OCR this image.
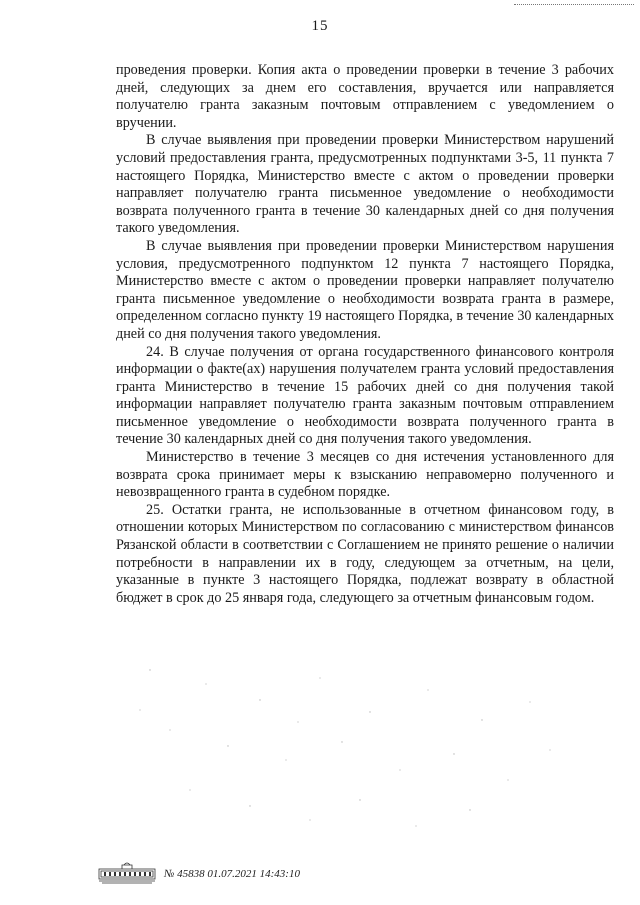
15

проведения проверки. Копия акта о проведении проверки в течение 3 рабочих дней, следующих за днем его составления, вручается или направляется получателю гранта заказным почтовым отправлением с уведомлением о вручении.

В случае выявления при проведении проверки Министерством нарушений условий предоставления гранта, предусмотренных подпунктами 3-5, 11 пункта 7 настоящего Порядка, Министерство вместе с актом о проведении проверки направляет получателю гранта письменное уведомление о необходимости возврата полученного гранта в течение 30 календарных дней со дня получения такого уведомления.

В случае выявления при проведении проверки Министерством нарушения условия, предусмотренного подпунктом 12 пункта 7 настоящего Порядка, Министерство вместе с актом о проведении проверки направляет получателю гранта письменное уведомление о необходимости возврата гранта в размере, определенном согласно пункту 19 настоящего Порядка, в течение 30 календарных дней со дня получения такого уведомления.

24. В случае получения от органа государственного финансового контроля информации о факте(ах) нарушения получателем гранта условий предоставления гранта Министерство в течение 15 рабочих дней со дня получения такой информации направляет получателю гранта заказным почтовым отправлением письменное уведомление о необходимости возврата полученного гранта в течение 30 календарных дней со дня получения такого уведомления.

Министерство в течение 3 месяцев со дня истечения установленного для возврата срока принимает меры к взысканию неправомерно полученного и невозвращенного гранта в судебном порядке.

25. Остатки гранта, не использованные в отчетном финансовом году, в отношении которых Министерством по согласованию с министерством финансов Рязанской области в соответствии с Соглашением не принято решение о наличии потребности в направлении их в году, следующем за отчетным, на цели, указанные в пункте 3 настоящего Порядка, подлежат возврату в областной бюджет в срок до 25 января года, следующего за отчетным финансовым годом.

№ 45838 01.07.2021 14:43:10
